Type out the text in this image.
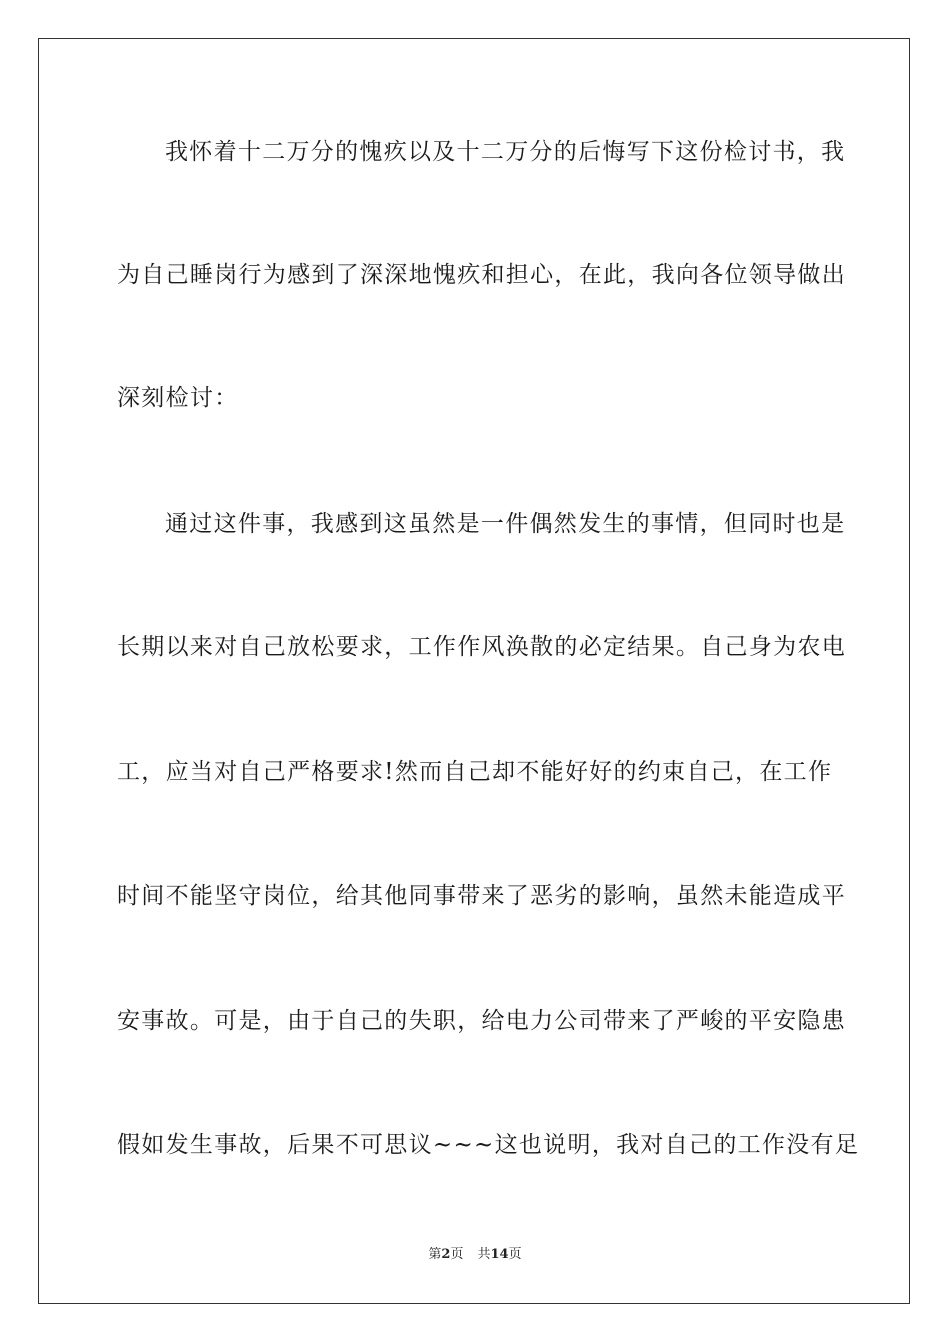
我怀着十二万分的愧疚以及十二万分的后悔写下这份检讨书，我
为自己睡岗行为感到了深深地愧疚和担心，在此，我向各位领导做出
深刻检讨：
通过这件事，我感到这虽然是一件偶然发生的事情，但同时也是
长期以来对自己放松要求，工作作风涣散的必定结果。自己身为农电
工，应当对自己严格要求!然而自己却不能好好的约束自己，在工作
时间不能坚守岗位，给其他同事带来了恶劣的影响，虽然未能造成平
安事故。可是，由于自己的失职，给电力公司带来了严峻的平安隐患
假如发生事故，后果不可思议~~~这也说明，我对自己的工作没有足
第2页 共14页
